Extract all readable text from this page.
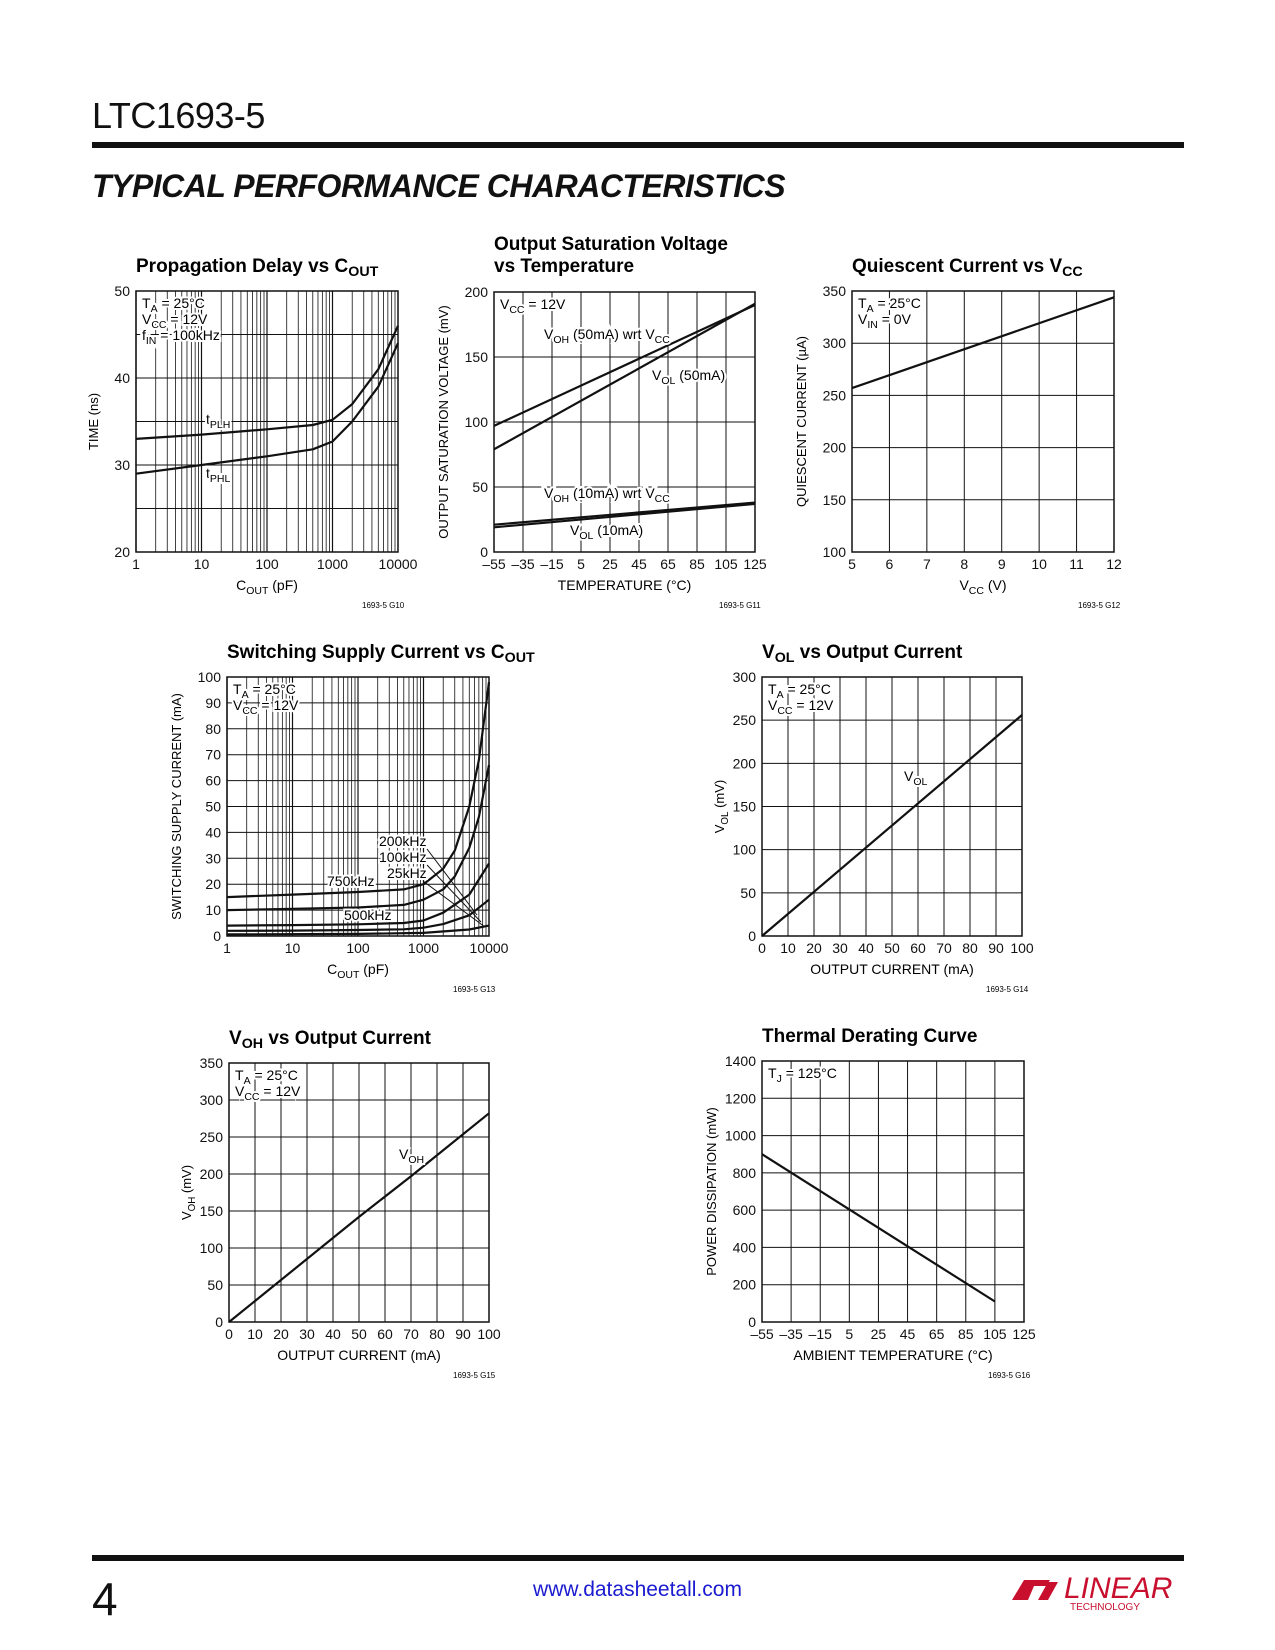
LTC1693-5
TYPICAL PERFORMANCE CHARACTERISTICS
1	10	100	1000 10000
20
30
40
50
Propagation Delay vs $C_{OUT}$
$C_{OUT}$ (pF)
TIME (ns)
$T_A = 25^\circ C$
$V_{CC} = 12V$
$f_{IN} = 100kHz$
$t_{PLH}$
$t_{PHL}$
1693-5 G10
–55 –35 –15 5 25 45 65 85 105 125
0
50
100
150
200
Output Saturation Voltage
vs Temperature
TEMPERATURE (°C)
OUTPUT SATURATION VOLTAGE (mV)
$V_{CC} = 12V$
$V_{OH}$ (50mA) wrt $V_{CC}$
$V_{OL}$ (50mA)
$V_{OH}$ (10mA) wrt $V_{CC}$
$V_{OL}$ (10mA)
1693-5 G11
5 6 7 8 9 10 11 12
100
150
200
250
300
350
Quiescent Current vs $V_{CC}$
$V_{CC}$ (V)
QUIESCENT CURRENT (µA)
$T_A = 25^\circ C$
$V_{IN} = 0V$
1693-5 G12
1	10	100	1000 10000
0
10
20
30
40
50
60
70
80
90
100
Switching Supply Current vs $C_{OUT}$
$C_{OUT}$ (pF)
SWITCHING SUPPLY CURRENT (mA)
$T_A = 25^\circ C$
$V_{CC} = 12V$
750kHz
500kHz
200kHz
100kHz
25kHz
1693-5 G13
0 10 20 30 40 50 60 70 80 90 100
0
50
100
150
200
250
300
$V_{OL}$ vs Output Current
OUTPUT CURRENT (mA)
$V_{OL}$ (mV)
$T_A = 25^\circ C$
$V_{CC} = 12V$
$V_{OL}$
1693-5 G14
0 10 20 30 40 50 60 70 80 90 100
0
50
100
150
200
250
300
350
$V_{OH}$ vs Output Current
OUTPUT CURRENT (mA)
$V_{OH}$ (mV)
$T_A = 25^\circ C$
$V_{CC} = 12V$
$V_{OH}$
1693-5 G15
–55 –35 –15 5 25 45 65 85 105 125
0
200
400
600
800
1000
1200
1400
Thermal Derating Curve
AMBIENT TEMPERATURE (°C)
POWER DISSIPATION (mW)
$T_J = 125^\circ C$
1693-5 G16
4	www.datasheetall.com	LINEAR
TECHNOLOGY
